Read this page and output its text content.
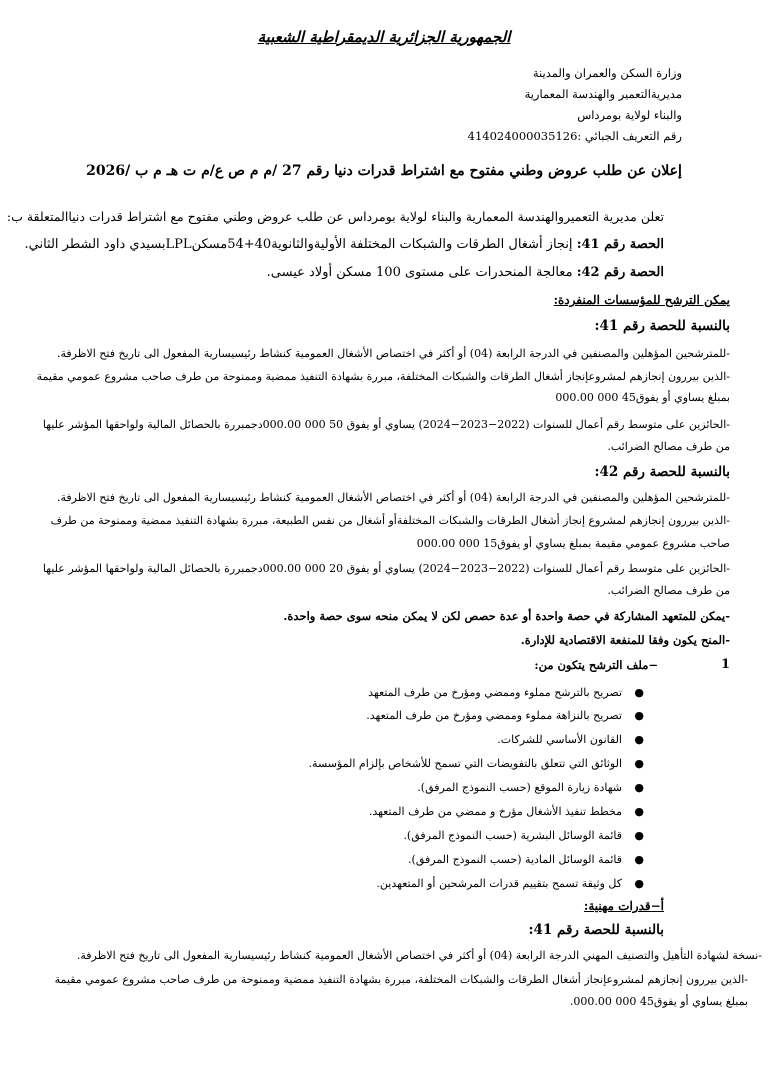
الجمهورية الجزائرية الديمقراطية الشعبية
وزارة السكن والعمران والمدينة
مديريةالتعمير والهندسة المعمارية
والبناء لولاية بومرداس
رقم التعريف الجبائي :414024000035126
إعلان عن طلب عروض وطني مفتوح مع اشتراط قدرات دنيا رقم 27 /م م ص ع/م ت هـ م ب /2026
تعلن مديرية التعميروالهندسة المعمارية والبناء لولاية بومرداس عن طلب عروض وطني مفتوح مع اشتراط قدرات دنياالمتعلقة ب:
الحصة رقم 41: إنجاز أشغال الطرقات والشبكات المختلفة الأوليةوالثانوية40+54مسكنLPLبسيدي داود الشطر الثاني.
الحصة رقم 42: معالجة المنحدرات على مستوى 100 مسكن أولاد عيسى.
يمكن الترشح للمؤسسات المنفردة:
بالنسبة للحصة رقم 41:
-للمترشحين المؤهلين والمصنفين في الدرجة الرابعة (04) أو أكثر في اختصاص الأشغال العمومية كنشاط رئيسيسارية المفعول الى تاريخ فتح الاظرفة.
-الذين بيررون إنجازهم لمشروعإنجاز أشغال الطرقات والشبكات المختلفة، مبررة بشهادة التنفيذ ممضية وممنوحة من طرف صاحب مشروع عمومي مقيمة
بمبلغ يساوي أو يفوق45 000 000.00
-الحائزين على متوسط رقم أعمال للسنوات (2022−2023−2024) يساوي أو يفوق 50 000 000.00دجمبررة بالحصائل المالية ولواحقها المؤشر عليها
من طرف مصالح الضرائب.
بالنسبة للحصة رقم 42:
-للمترشحين المؤهلين والمصنفين في الدرجة الرابعة (04) أو أكثر في اختصاص الأشغال العمومية كنشاط رئيسيسارية المفعول الى تاريخ فتح الاظرفة.
-الذين بيررون إنجازهم لمشروع إنجاز أشغال الطرقات والشبكات المختلفةأو أشغال من نفس الطبيعة، مبررة بشهادة التنفيذ ممضية وممنوحة من طرف
صاحب مشروع عمومي مقيمة بمبلغ يساوي أو يفوق15 000 000.00
-الحائزين على متوسط رقم أعمال للسنوات (2022−2023−2024) يساوي أو يفوق 20 000 000.00دجمبررة بالحصائل المالية ولواحقها المؤشر عليها
من طرف مصالح الضرائب.
-يمكن للمتعهد المشاركة في حصة واحدة أو عدة حصص لكن لا يمكن منحه سوى حصة واحدة.
-المنح يكون وفقا للمنفعة الاقتصادية للإدارة.
1
−ملف الترشح يتكون من:
●
تصريح بالترشح مملوء وممضي ومؤرخ من طرف المتعهد
●
تصريح بالنزاهة مملوء وممضي ومؤرخ من طرف المتعهد.
●
القانون الأساسي للشركات.
●
الوثائق التي تتعلق بالتفويضات التي تسمح للأشخاص بإلزام المؤسسة.
●
شهادة زيارة الموقع (حسب النموذج المرفق).
●
مخطط تنفيذ الأشغال مؤرخ و ممضي من طرف المتعهد.
●
قائمة الوسائل البشرية (حسب النموذج المرفق).
●
قائمة الوسائل المادية (حسب النموذج المرفق).
●
كل وثيقة تسمح بتقييم قدرات المرشحين أو المتعهدين.
أ−قدرات مهنية:
بالنسبة للحصة رقم 41:
-نسخة لشهادة التأهيل والتصنيف المهني الدرجة الرابعة (04) أو أكثر في اختصاص الأشغال العمومية كنشاط رئيسيسارية المفعول الى تاريخ فتح الاظرفة.
-الذين بيررون إنجازهم لمشروعإنجاز أشغال الطرقات والشبكات المختلفة، مبررة بشهادة التنفيذ ممضية وممنوحة من طرف صاحب مشروع عمومي مقيمة
بمبلغ يساوي أو يفوق45 000 000.00.
